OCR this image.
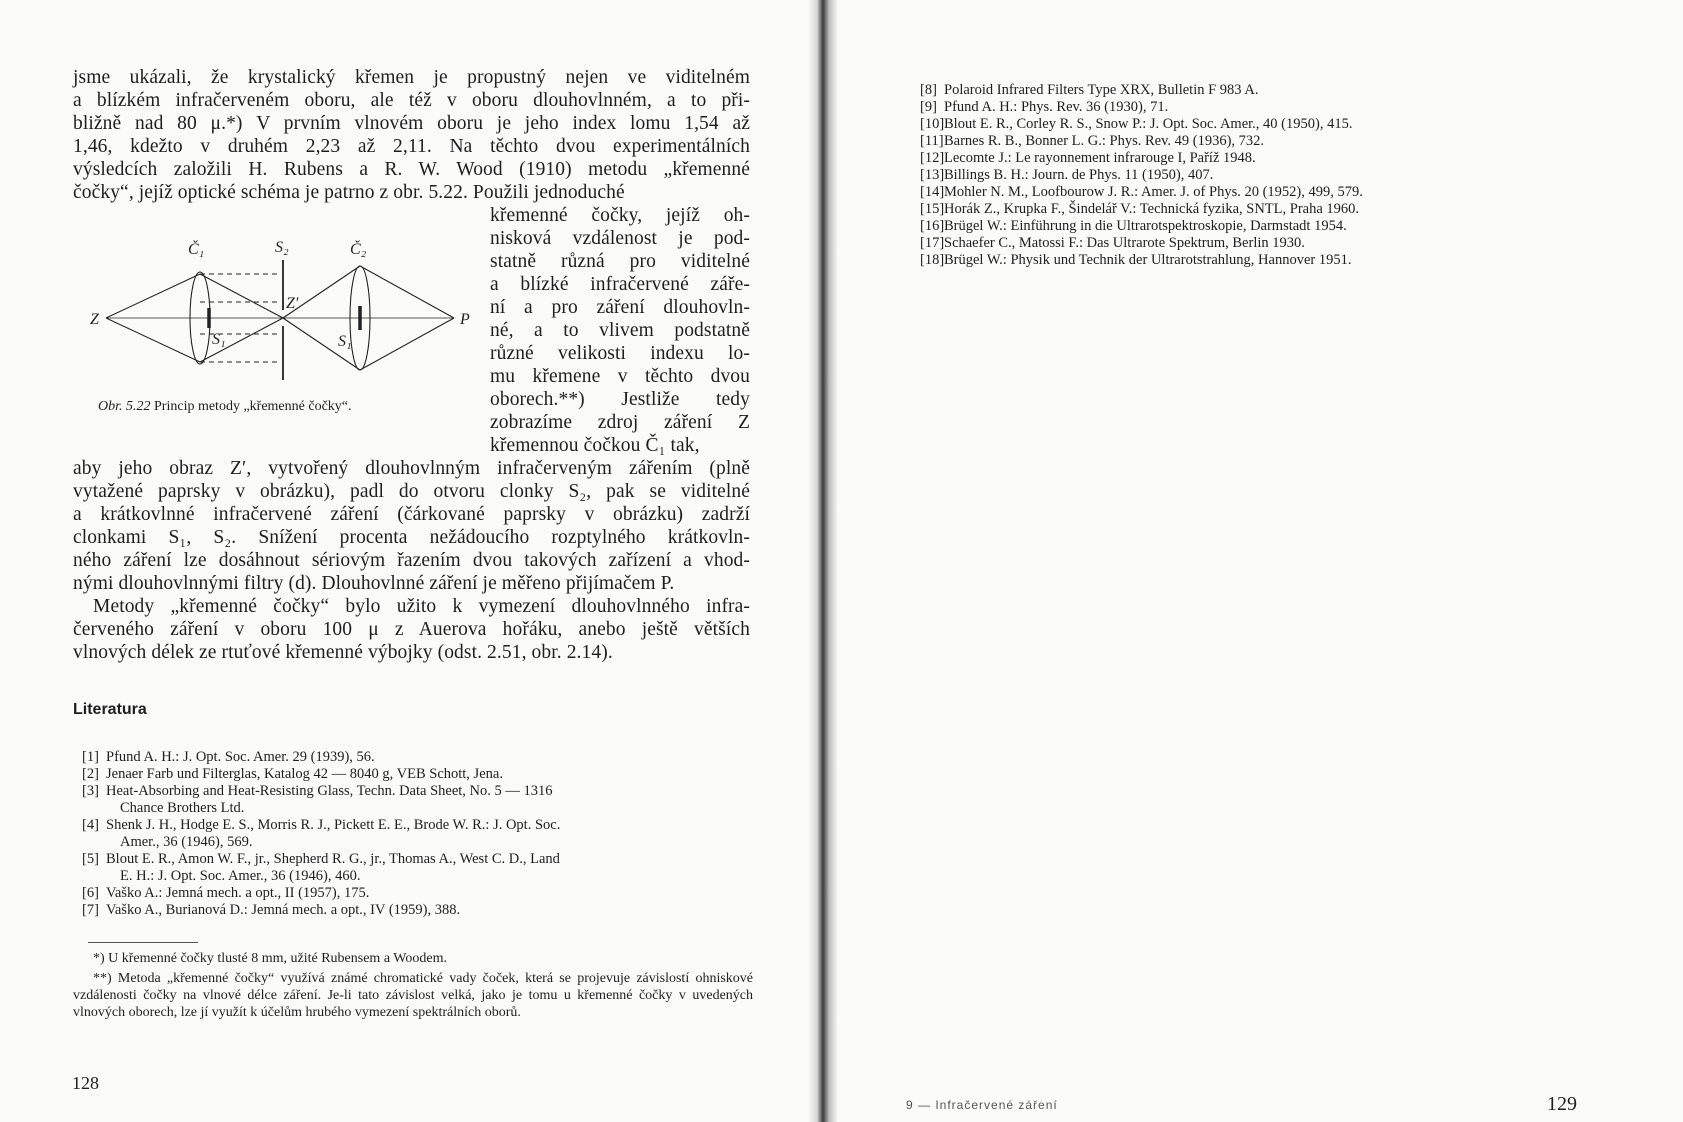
jsme ukázali, že krystalický křemen je propustný nejen ve viditelném
a blízkém infračerveném oboru, ale též v oboru dlouhovlnném, a to při-
bližně nad 80 μ.*) V prvním vlnovém oboru je jeho index lomu 1,54 až
1,46, kdežto v druhém 2,23 až 2,11. Na těchto dvou experimentálních
výsledcích založili H. Rubens a R. W. Wood (1910) metodu „křemenné
čočky“, jejíž optické schéma je patrno z obr. 5.22. Použili jednoduché
křemenné čočky, jejíž oh-
nisková vzdálenost je pod-
statně různá pro viditelné
a blízké infračervené záře-
ní a pro záření dlouhovln-
né, a to vlivem podstatně
různé velikosti indexu lo-
mu křemene v těchto dvou
oborech.**) Jestliže tedy
zobrazíme zdroj záření Z
křemennou čočkou Č₁ tak,
Č₁	S₂	Č₂
Z
Z′
S₁	S₁
P
Obr. 5.22 Princip metody „křemenné čočky“.
aby jeho obraz Z′, vytvořený dlouhovlnným infračerveným zářením (plně
vytažené paprsky v obrázku), padl do otvoru clonky S₂, pak se viditelné
a krátkovlnné infračervené záření (čárkované paprsky v obrázku) zadrží
clonkami S₁, S₂. Snížení procenta nežádoucího rozptylného krátkovln-
ného záření lze dosáhnout sériovým řazením dvou takových zařízení a vhod-
nými dlouhovlnnými filtry (d). Dlouhovlnné záření je měřeno přijímačem P.
Metody „křemenné čočky“ bylo užito k vymezení dlouhovlnného infra-
červeného záření v oboru 100 μ z Auerova hořáku, anebo ještě větších
vlnových délek ze rtuťové křemenné výbojky (odst. 2.51, obr. 2.14).
Literatura
[1] Pfund A. H.: J. Opt. Soc. Amer. 29 (1939), 56.
[2] Jenaer Farb und Filterglas, Katalog 42 — 8040 g, VEB Schott, Jena.
[3] Heat-Absorbing and Heat-Resisting Glass, Techn. Data Sheet, No. 5 — 1316
Chance Brothers Ltd.
[4] Shenk J. H., Hodge E. S., Morris R. J., Pickett E. E., Brode W. R.: J. Opt. Soc.
Amer., 36 (1946), 569.
[5] Blout E. R., Amon W. F., jr., Shepherd R. G., jr., Thomas A., West C. D., Land
E. H.: J. Opt. Soc. Amer., 36 (1946), 460.
[6] Vaško A.: Jemná mech. a opt., II (1957), 175.
[7] Vaško A., Burianová D.: Jemná mech. a opt., IV (1959), 388.

*) U křemenné čočky tlusté 8 mm, užité Rubensem a Woodem.

**) Metoda „křemenné čočky“ využívá známé chromatické vady čoček, která se projevuje závislostí ohniskové vzdálenosti čočky na vlnové délce záření. Je-li tato závislost velká, jako je tomu u křemenné čočky v uvedených vlnových oborech, lze jí využít k účelům hrubého vymezení spektrálních oborů.

128
[8] Polaroid Infrared Filters Type XRX, Bulletin F 983 A.
[9] Pfund A. H.: Phys. Rev. 36 (1930), 71.
[10] Blout E. R., Corley R. S., Snow P.: J. Opt. Soc. Amer., 40 (1950), 415.
[11] Barnes R. B., Bonner L. G.: Phys. Rev. 49 (1936), 732.
[12] Lecomte J.: Le rayonnement infrarouge I, Paříž 1948.
[13] Billings B. H.: Journ. de Phys. 11 (1950), 407.
[14] Mohler N. M., Loofbourow J. R.: Amer. J. of Phys. 20 (1952), 499, 579.
[15] Horák Z., Krupka F., Šindelář V.: Technická fyzika, SNTL, Praha 1960.
[16] Brügel W.: Einführung in die Ultrarotspektroskopie, Darmstadt 1954.
[17] Schaefer C., Matossi F.: Das Ultrarote Spektrum, Berlin 1930.
[18] Brügel W.: Physik und Technik der Ultrarotstrahlung, Hannover 1951.
9 — Infračervené záření	129
